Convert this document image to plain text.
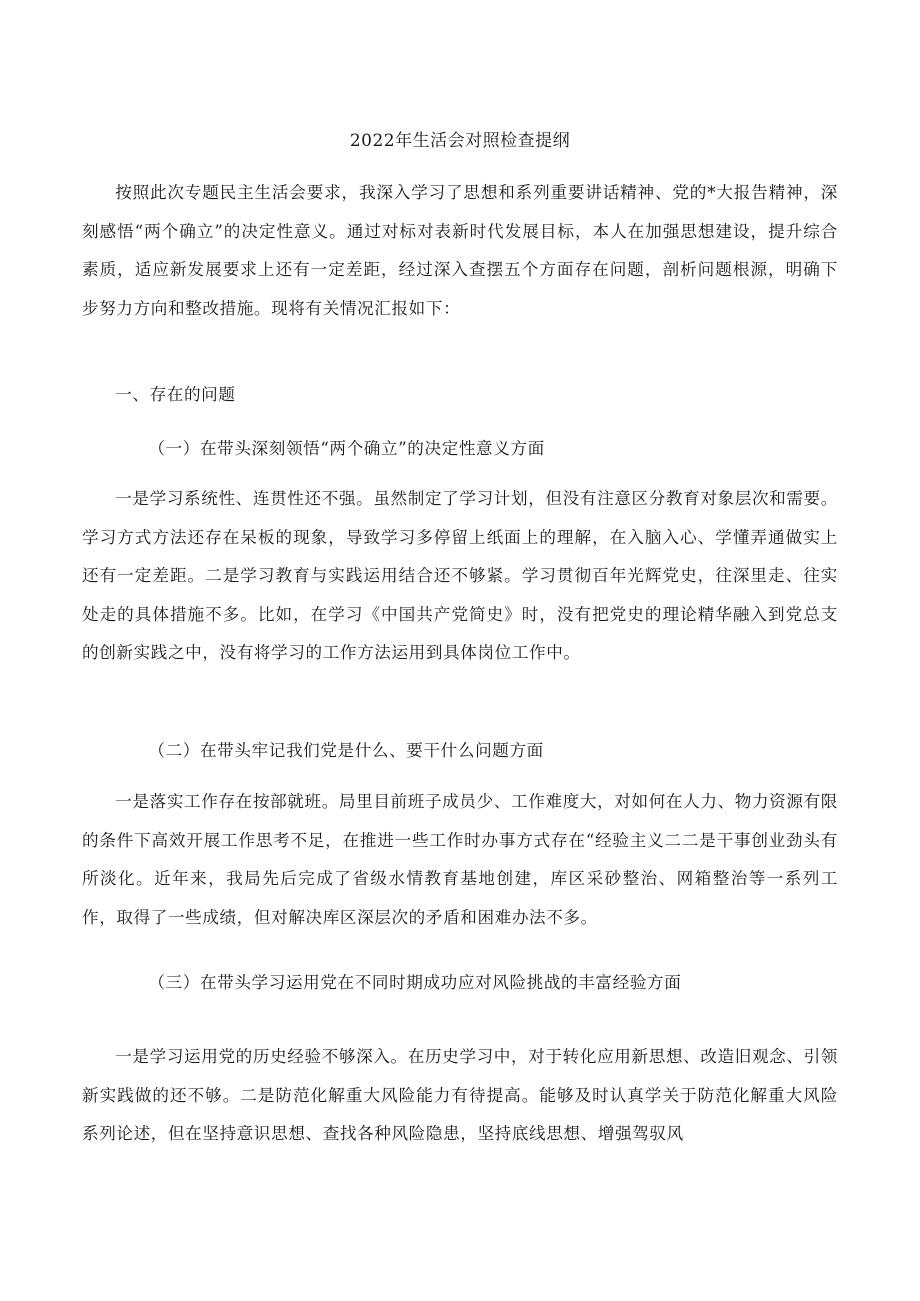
2022年生活会对照检查提纲

按照此次专题民主生活会要求，我深入学习了思想和系列重要讲话精神、党的*大报告精神，深刻感悟“两个确立”的决定性意义。通过对标对表新时代发展目标，本人在加强思想建设，提升综合素质，适应新发展要求上还有一定差距，经过深入查摆五个方面存在问题，剖析问题根源，明确下步努力方向和整改措施。现将有关情况汇报如下：

一、存在的问题

（一）在带头深刻领悟“两个确立”的决定性意义方面

一是学习系统性、连贯性还不强。虽然制定了学习计划，但没有注意区分教育对象层次和需要。学习方式方法还存在呆板的现象，导致学习多停留上纸面上的理解，在入脑入心、学懂弄通做实上还有一定差距。二是学习教育与实践运用结合还不够紧。学习贯彻百年光辉党史，往深里走、往实处走的具体措施不多。比如，在学习《中国共产党简史》时，没有把党史的理论精华融入到党总支的创新实践之中，没有将学习的工作方法运用到具体岗位工作中。

（二）在带头牢记我们党是什么、要干什么问题方面

一是落实工作存在按部就班。局里目前班子成员少、工作难度大，对如何在人力、物力资源有限的条件下高效开展工作思考不足，在推进一些工作时办事方式存在“经验主义二二是干事创业劲头有所淡化。近年来，我局先后完成了省级水情教育基地创建，库区采砂整治、网箱整治等一系列工作，取得了一些成绩，但对解决库区深层次的矛盾和困难办法不多。

（三）在带头学习运用党在不同时期成功应对风险挑战的丰富经验方面

一是学习运用党的历史经验不够深入。在历史学习中，对于转化应用新思想、改造旧观念、引领新实践做的还不够。二是防范化解重大风险能力有待提高。能够及时认真学关于防范化解重大风险系列论述，但在坚持意识思想、查找各种风险隐患，坚持底线思想、增强驾驭风
